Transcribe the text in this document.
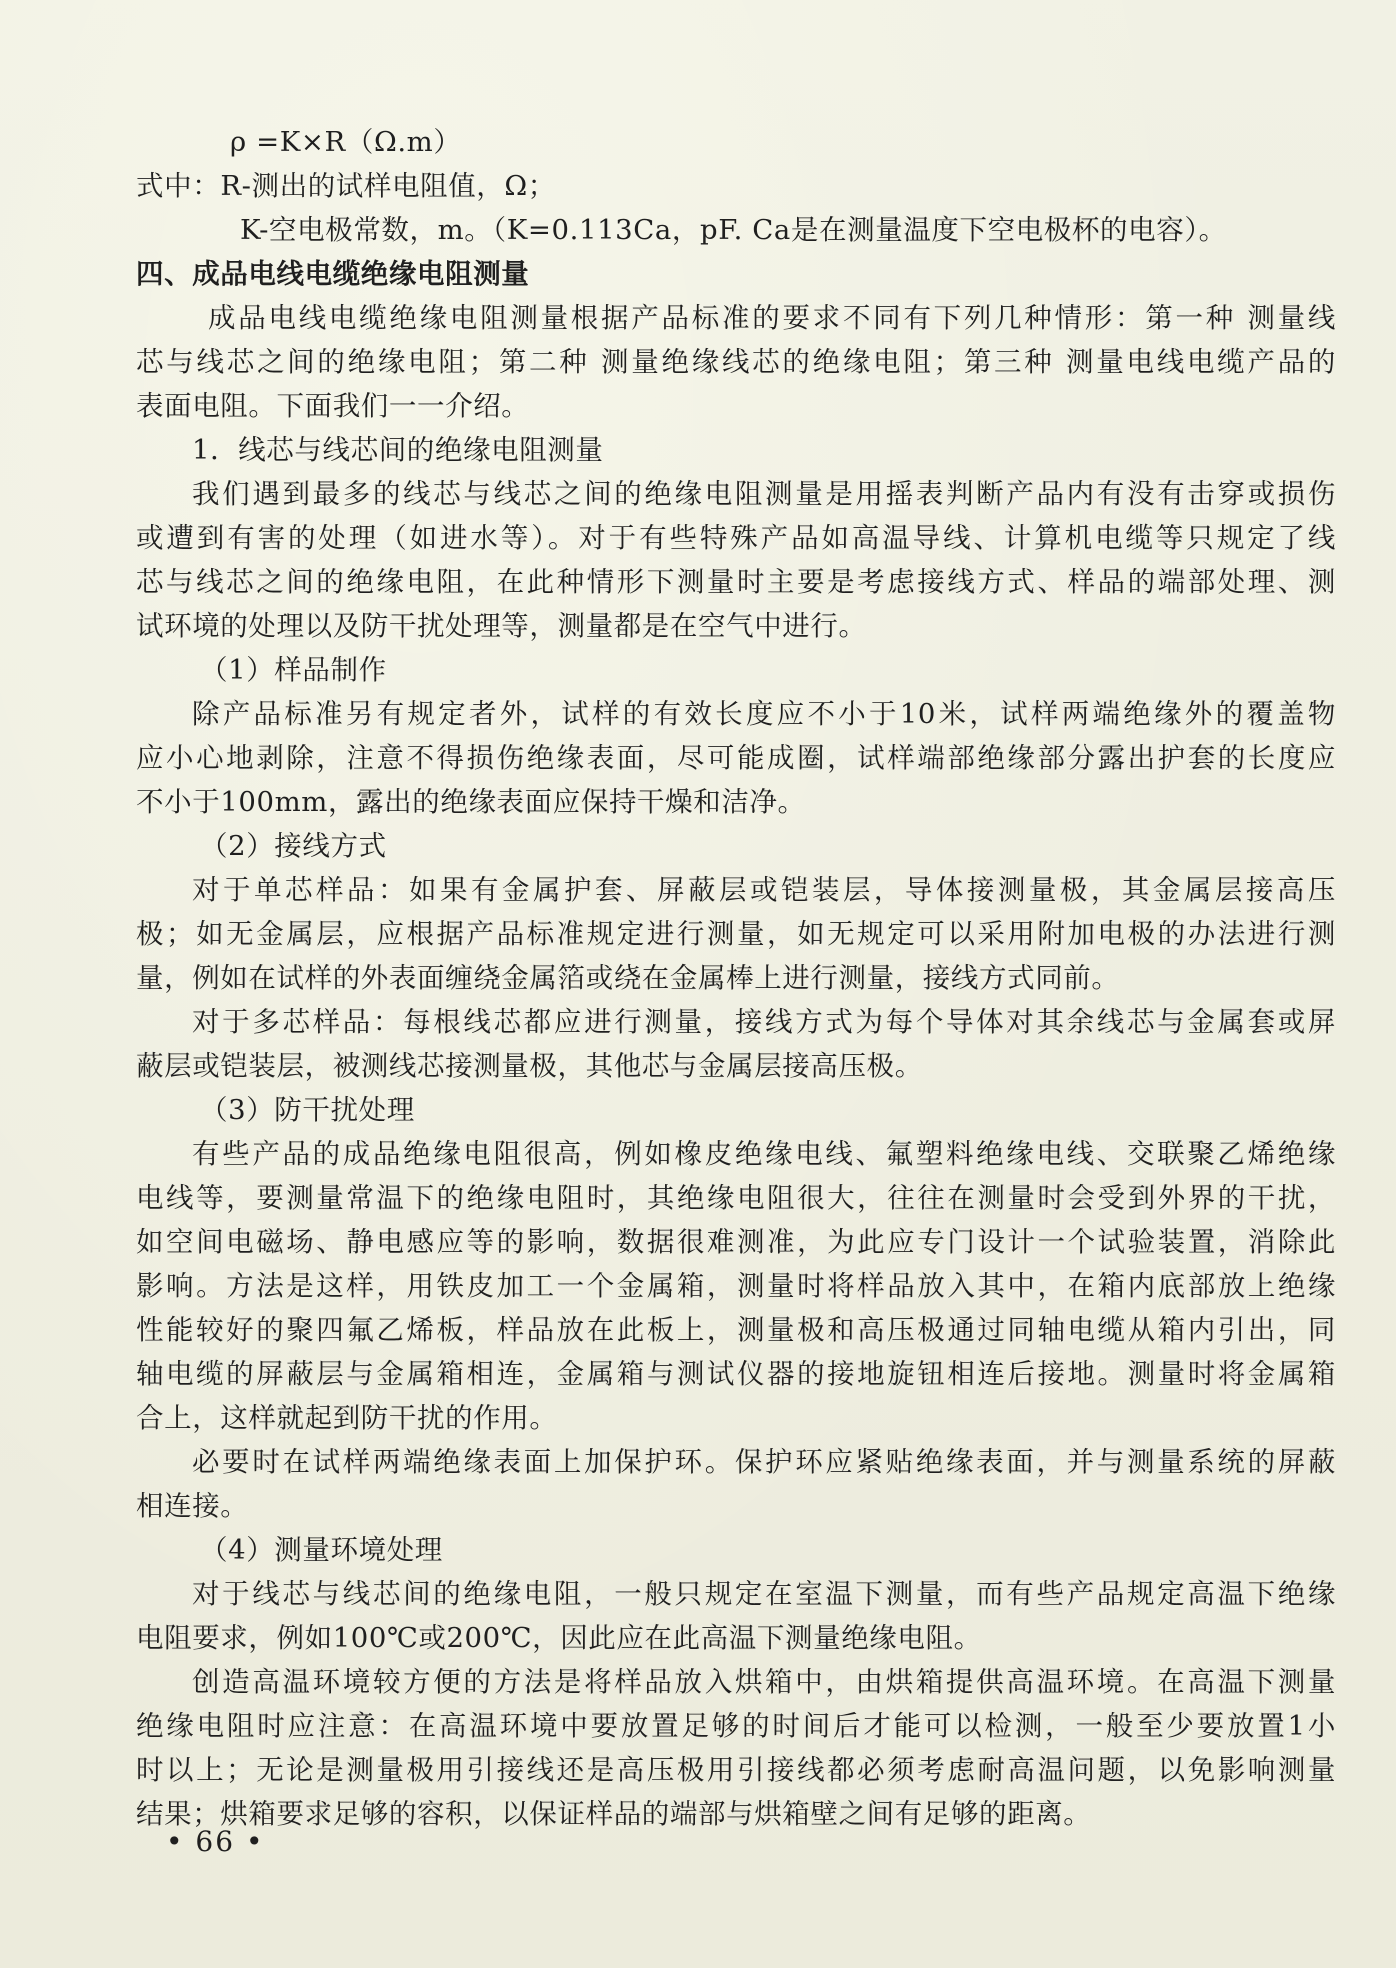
ρ =K×R（Ω.m）
式中：R-测出的试样电阻值，Ω；
K-空电极常数，m。（K=0.113Ca，pF. Ca是在测量温度下空电极杯的电容）。
四、成品电线电缆绝缘电阻测量
成品电线电缆绝缘电阻测量根据产品标准的要求不同有下列几种情形：第一种 测量线
芯与线芯之间的绝缘电阻；第二种 测量绝缘线芯的绝缘电阻；第三种 测量电线电缆产品的
表面电阻。下面我们一一介绍。
1．线芯与线芯间的绝缘电阻测量
我们遇到最多的线芯与线芯之间的绝缘电阻测量是用摇表判断产品内有没有击穿或损伤
或遭到有害的处理（如进水等）。对于有些特殊产品如高温导线、计算机电缆等只规定了线
芯与线芯之间的绝缘电阻，在此种情形下测量时主要是考虑接线方式、样品的端部处理、测
试环境的处理以及防干扰处理等，测量都是在空气中进行。
（1）样品制作
除产品标准另有规定者外，试样的有效长度应不小于10米，试样两端绝缘外的覆盖物
应小心地剥除，注意不得损伤绝缘表面，尽可能成圈，试样端部绝缘部分露出护套的长度应
不小于100mm，露出的绝缘表面应保持干燥和洁净。
（2）接线方式
对于单芯样品：如果有金属护套、屏蔽层或铠装层，导体接测量极，其金属层接高压
极；如无金属层，应根据产品标准规定进行测量，如无规定可以采用附加电极的办法进行测
量，例如在试样的外表面缠绕金属箔或绕在金属棒上进行测量，接线方式同前。
对于多芯样品：每根线芯都应进行测量，接线方式为每个导体对其余线芯与金属套或屏
蔽层或铠装层，被测线芯接测量极，其他芯与金属层接高压极。
（3）防干扰处理
有些产品的成品绝缘电阻很高，例如橡皮绝缘电线、氟塑料绝缘电线、交联聚乙烯绝缘
电线等，要测量常温下的绝缘电阻时，其绝缘电阻很大，往往在测量时会受到外界的干扰，
如空间电磁场、静电感应等的影响，数据很难测准，为此应专门设计一个试验装置，消除此
影响。方法是这样，用铁皮加工一个金属箱，测量时将样品放入其中，在箱内底部放上绝缘
性能较好的聚四氟乙烯板，样品放在此板上，测量极和高压极通过同轴电缆从箱内引出，同
轴电缆的屏蔽层与金属箱相连，金属箱与测试仪器的接地旋钮相连后接地。测量时将金属箱
合上，这样就起到防干扰的作用。
必要时在试样两端绝缘表面上加保护环。保护环应紧贴绝缘表面，并与测量系统的屏蔽
相连接。
（4）测量环境处理
对于线芯与线芯间的绝缘电阻，一般只规定在室温下测量，而有些产品规定高温下绝缘
电阻要求，例如100℃或200℃，因此应在此高温下测量绝缘电阻。
创造高温环境较方便的方法是将样品放入烘箱中，由烘箱提供高温环境。在高温下测量
绝缘电阻时应注意：在高温环境中要放置足够的时间后才能可以检测，一般至少要放置1小
时以上；无论是测量极用引接线还是高压极用引接线都必须考虑耐高温问题，以免影响测量
结果；烘箱要求足够的容积，以保证样品的端部与烘箱壁之间有足够的距离。
• 66 •
